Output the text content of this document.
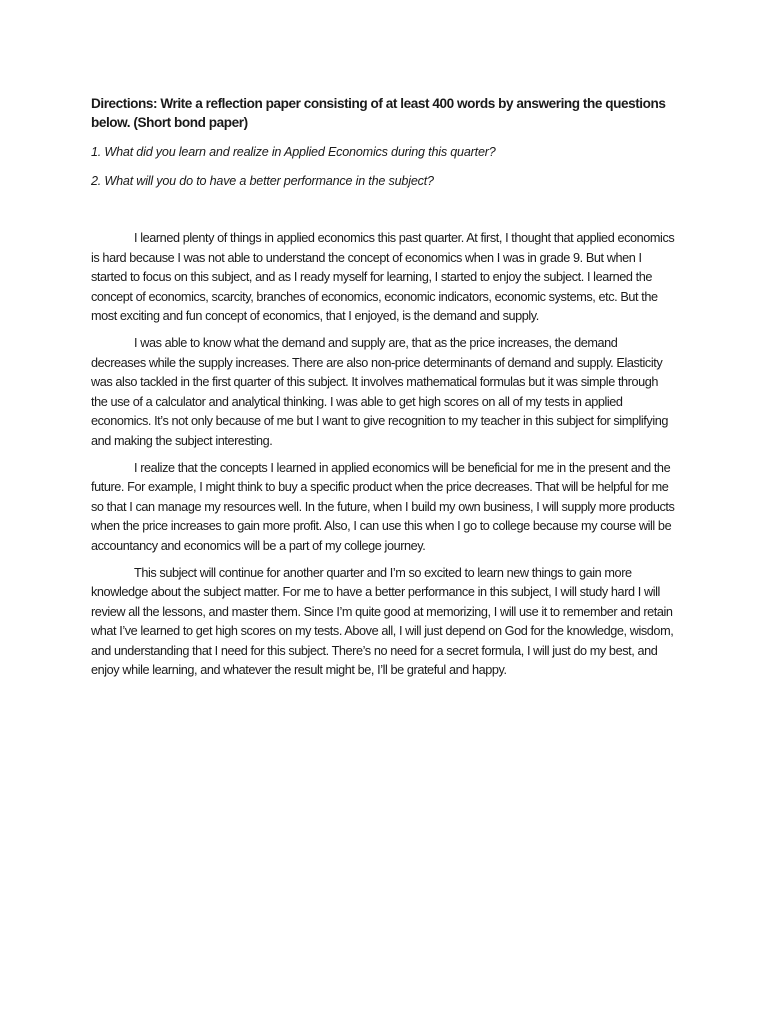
Directions: Write a reflection paper consisting of at least 400 words by answering the questions below. (Short bond paper)

1. What did you learn and realize in Applied Economics during this quarter?

2. What will you do to have a better performance in the subject?

I learned plenty of things in applied economics this past quarter. At first, I thought that applied economics is hard because I was not able to understand the concept of economics when I was in grade 9. But when I started to focus on this subject, and as I ready myself for learning, I started to enjoy the subject. I learned the concept of economics, scarcity, branches of economics, economic indicators, economic systems, etc. But the most exciting and fun concept of economics, that I enjoyed, is the demand and supply.

I was able to know what the demand and supply are, that as the price increases, the demand decreases while the supply increases. There are also non-price determinants of demand and supply. Elasticity was also tackled in the first quarter of this subject. It involves mathematical formulas but it was simple through the use of a calculator and analytical thinking. I was able to get high scores on all of my tests in applied economics. It’s not only because of me but I want to give recognition to my teacher in this subject for simplifying and making the subject interesting.

I realize that the concepts I learned in applied economics will be beneficial for me in the present and the future. For example, I might think to buy a specific product when the price decreases. That will be helpful for me so that I can manage my resources well. In the future, when I build my own business, I will supply more products when the price increases to gain more profit. Also, I can use this when I go to college because my course will be accountancy and economics will be a part of my college journey.

This subject will continue for another quarter and I’m so excited to learn new things to gain more knowledge about the subject matter. For me to have a better performance in this subject, I will study hard I will review all the lessons, and master them. Since I’m quite good at memorizing, I will use it to remember and retain what I’ve learned to get high scores on my tests. Above all, I will just depend on God for the knowledge, wisdom, and understanding that I need for this subject. There’s no need for a secret formula, I will just do my best, and enjoy while learning, and whatever the result might be, I’ll be grateful and happy.
